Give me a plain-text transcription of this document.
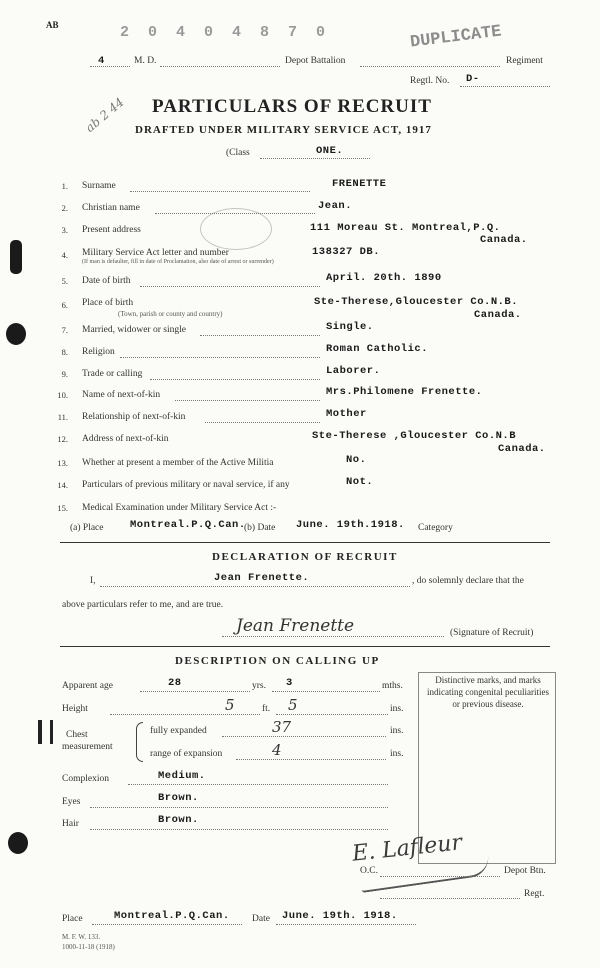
AB	2 0 4 0 4 8 7 0	DUPLICATE
4	M. D.	Depot Battalion	Regiment
Regtl. No. D-
PARTICULARS OF RECRUIT
DRAFTED UNDER MILITARY SERVICE ACT, 1917
(Class	ONE.
ab 2 44
1. Surname	FRENETTE
2. Christian name	Jean.
3. Present address	111 Moreau St. Montreal,P.Q.
Canada.
4. Military Service Act letter and number
(If man is defaulter, fill in date of Proclamation, also date of arrest or surrender)
138327 DB.
5. Date of birth	April. 20th. 1890
6. Place of birth
(Town, parish or county and country)
Ste-Therese,Gloucester Co.N.B.
Canada.
7. Married, widower or single	Single.
8. Religion	Roman Catholic.
9. Trade or calling	Laborer.
10. Name of next-of-kin	Mrs.Philomene Frenette.
11. Relationship of next-of-kin	Mother
12. Address of next-of-kin	Ste-Therese ,Gloucester Co.N.B
Canada.
13. Whether at present a member of the Active Militia	No.
14. Particulars of previous military or naval service, if any	Not.
15. Medical Examination under Military Service Act :-
(a) Place	Montreal.P.Q.Can.
(b) Date June. 19th.1918. Category
DECLARATION OF RECRUIT
I,	Jean Frenette.	, do solemnly declare that the
above particulars refer to me, and are true.
Jean Frenette	(Signature of Recruit)
DESCRIPTION ON CALLING UP
Apparent age	28	yrs. 3	mths.
Height	5	ft. 5	ins.
Chest
measurement
fully expanded	37	ins.
range of expansion	4	ins.
Complexion	Medium.
Eyes	Brown.
Hair	Brown.
Distinctive marks, and marks indicating congenital peculiarities or previous disease.
E. Lafleur
O.C.	Depot Btn.
Regt.
Place	Montreal.P.Q.Can. Date June. 19th. 1918.
M. F. W. 133.
1000-11-18 (1918)
